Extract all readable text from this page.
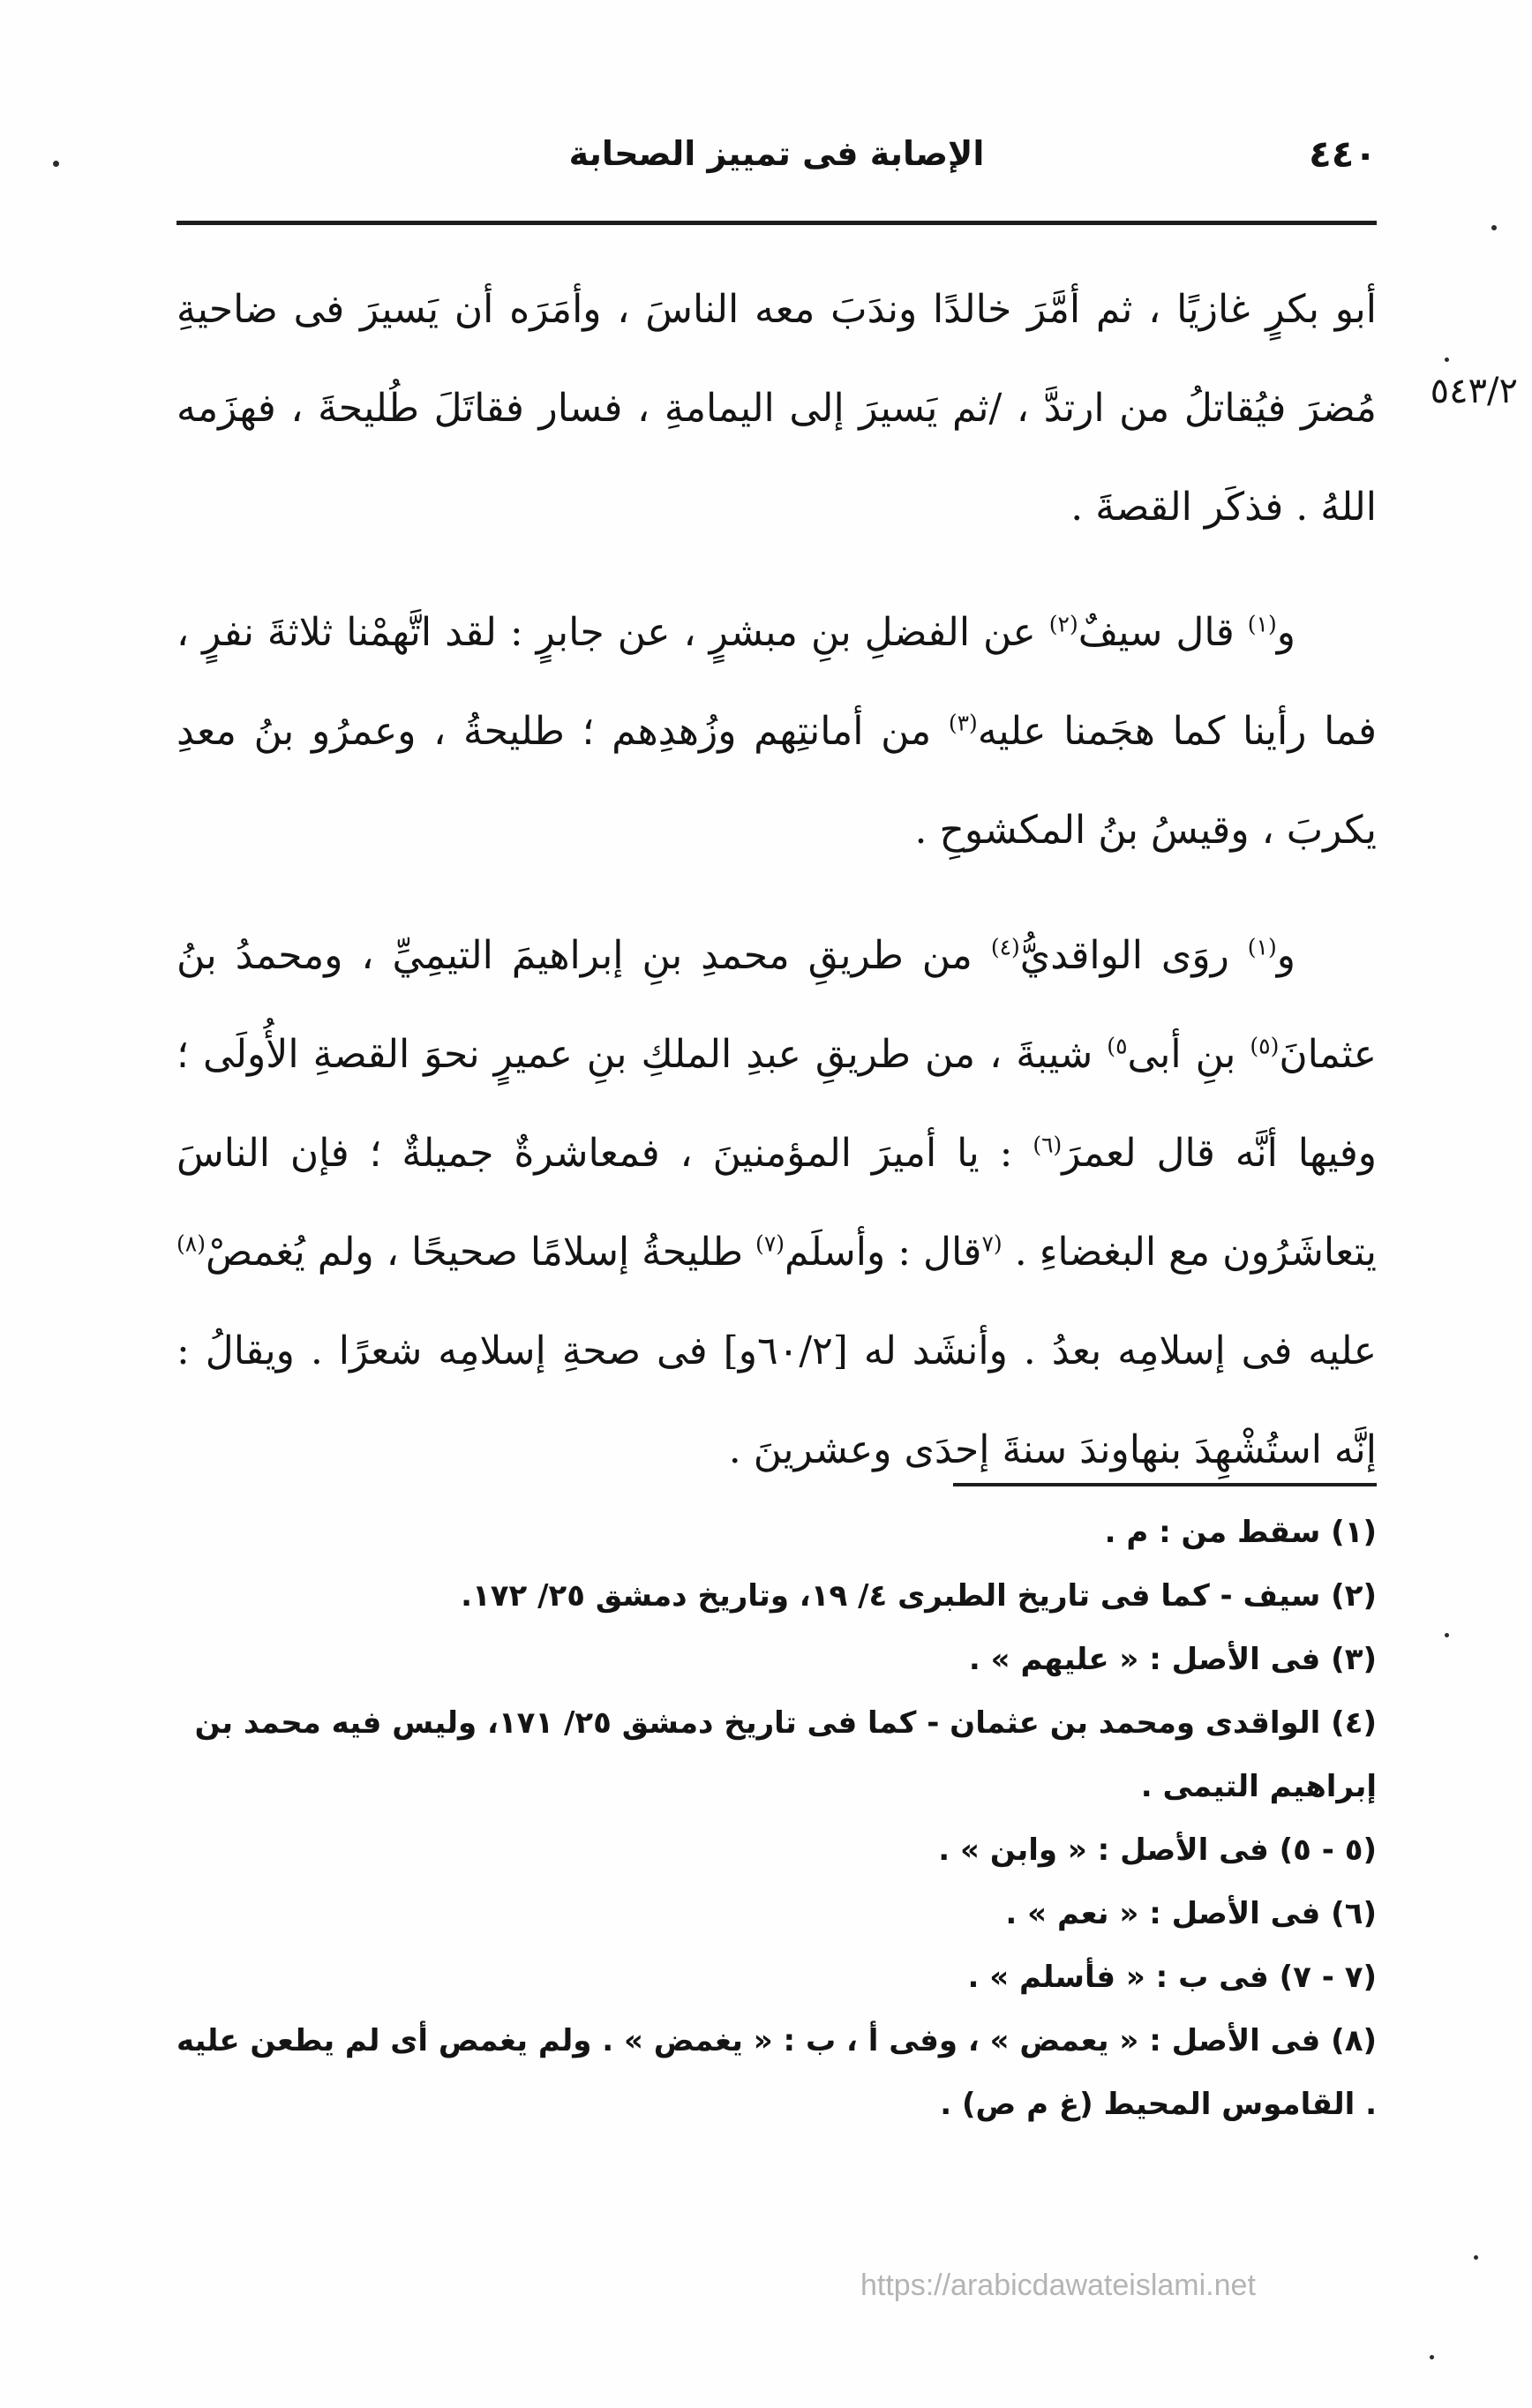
٤٤٠
الإصابة فى تمييز الصحابة
٥٤٣/٢

أبو بكرٍ غازيًا ، ثم أمَّرَ خالدًا وندَبَ معه الناسَ ، وأمَرَه أن يَسيرَ فى ضاحيةِ مُضرَ فيُقاتلُ من ارتدَّ ، /ثم يَسيرَ إلى اليمامةِ ، فسار فقاتَلَ طُليحةَ ، فهزَمه اللهُ . فذكَر القصةَ .

و$^{(١)}$ قال سيفٌ$^{(٢)}$ عن الفضلِ بنِ مبشرٍ ، عن جابرٍ : لقد اتَّهمْنا ثلاثةَ نفرٍ ، فما رأينا كما هجَمنا عليه$^{(٣)}$ من أمانتِهم وزُهدِهم ؛ طليحةُ ، وعمرُو بنُ معدِ يكربَ ، وقيسُ بنُ المكشوحِ .

و$^{(١)}$ روَى الواقديُّ$^{(٤)}$ من طريقِ محمدِ بنِ إبراهيمَ التيمِيِّ ، ومحمدُ بنُ عثمانَ$^{(٥)}$ بنِ أبى$^{٥)}$ شيبةَ ، من طريقِ عبدِ الملكِ بنِ عميرٍ نحوَ القصةِ الأُولَى ؛ وفيها أنَّه قال لعمرَ$^{(٦)}$ : يا أميرَ المؤمنينَ ، فمعاشرةٌ جميلةٌ ؛ فإن الناسَ يتعاشَرُون مع البغضاءِ . $^{(٧}$قال : وأسلَم$^{(٧)}$ طليحةُ إسلامًا صحيحًا ، ولم يُغمصْ$^{(٨)}$ عليه فى إسلامِه بعدُ . وأنشَد له [٦٠/٢و] فى صحةِ إسلامِه شعرًا . ويقالُ : إنَّه استُشْهِدَ بنهاوندَ سنةَ إحدَى وعشرينَ .

(١) سقط من : م .

(٢) سيف - كما فى تاريخ الطبرى ٤/ ١٩، وتاريخ دمشق ٢٥/ ١٧٢.

(٣) فى الأصل : « عليهم » .

(٤) الواقدى ومحمد بن عثمان - كما فى تاريخ دمشق ٢٥/ ١٧١، وليس فيه محمد بن إبراهيم التيمى .

(٥ - ٥) فى الأصل : « وابن » .

(٦) فى الأصل : « نعم » .

(٧ - ٧) فى ب : « فأسلم » .

(٨) فى الأصل : « يعمض » ، وفى أ ، ب : « يغمض » . ولم يغمص أى لم يطعن عليه . القاموس المحيط (غ م ص) .

https://arabicdawateislami.net
